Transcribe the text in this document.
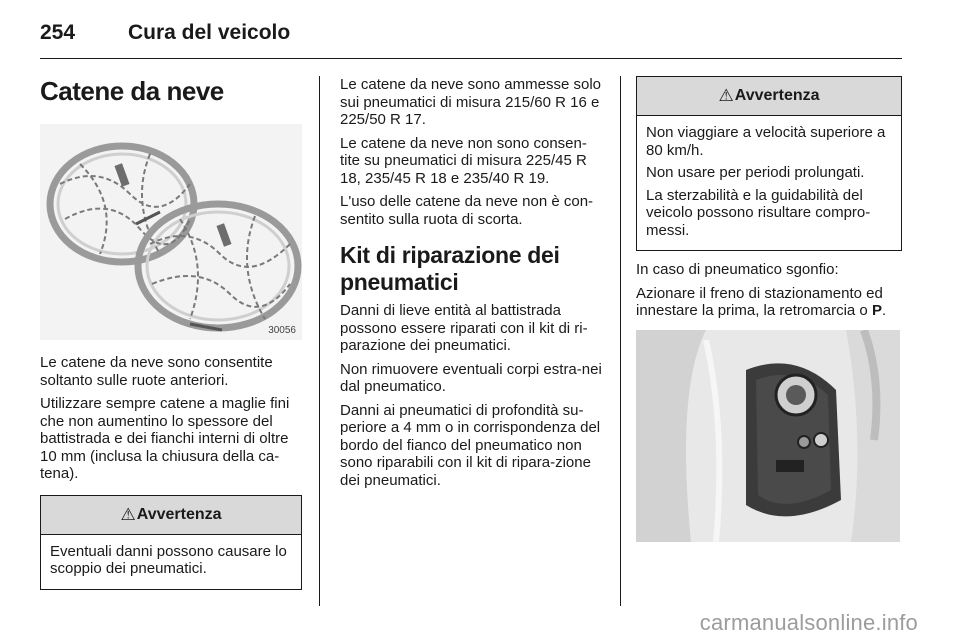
254	Cura del veicolo
Catene da neve
30056

Le catene da neve sono consentite soltanto sulle ruote anteriori.

Utilizzare sempre catene a maglie fini che non aumentino lo spessore del battistrada e dei fianchi interni di oltre 10 mm (inclusa la chiusura della ca-tena).

⚠ Avvertenza

Eventuali danni possono causare lo scoppio dei pneumatici.

Le catene da neve sono ammesse solo sui pneumatici di misura 215/60 R 16 e 225/50 R 17.

Le catene da neve non sono consen-tite su pneumatici di misura 225/45 R 18, 235/45 R 18 e 235/40 R 19.

L'uso delle catene da neve non è con-sentito sulla ruota di scorta.

Kit di riparazione dei pneumatici

Danni di lieve entità al battistrada possono essere riparati con il kit di ri-parazione dei pneumatici.

Non rimuovere eventuali corpi estra-nei dal pneumatico.

Danni ai pneumatici di profondità su-periore a 4 mm o in corrispondenza del bordo del fianco del pneumatico non sono riparabili con il kit di ripara-zione dei pneumatici.

⚠ Avvertenza

Non viaggiare a velocità superiore a 80 km/h.

Non usare per periodi prolungati.

La sterzabilità e la guidabilità del veicolo possono risultare compro-messi.

In caso di pneumatico sgonfio:

Azionare il freno di stazionamento ed innestare la prima, la retromarcia o P.

carmanualsonline.info
